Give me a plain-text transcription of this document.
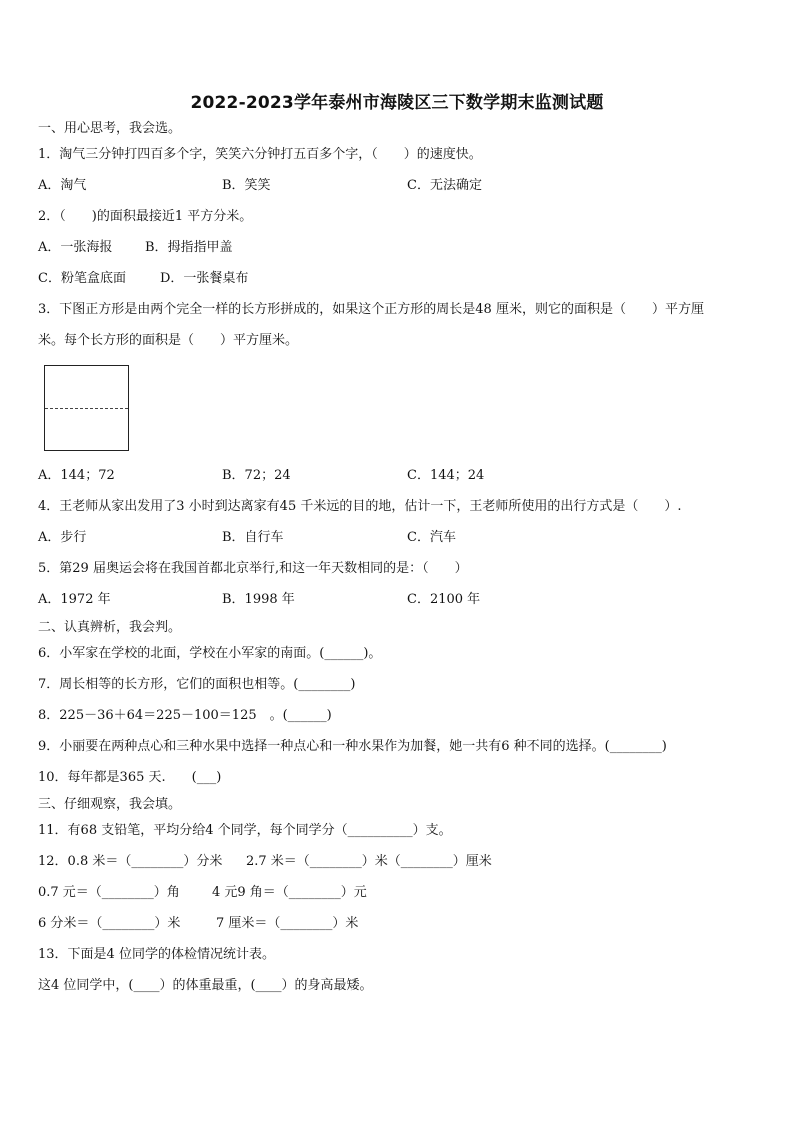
2022-2023学年泰州市海陵区三下数学期末监测试题
一、用心思考，我会选。
1．淘气三分钟打四百多个字，笑笑六分钟打五百多个字，（　　）的速度快。
A．淘气	B．笑笑	C．无法确定
2．（　　)的面积最接近1 平方分米。
A．一张海报	B．拇指指甲盖
C．粉笔盒底面	D．一张餐桌布
3．下图正方形是由两个完全一样的长方形拼成的，如果这个正方形的周长是48 厘米，则它的面积是（　　）平方厘
米。每个长方形的面积是（　　）平方厘米。
A．144；72	B．72；24	C．144；24
4．王老师从家出发用了3 小时到达离家有45 千米远的目的地，估计一下，王老师所使用的出行方式是（　　）.
A．步行	B．自行车	C．汽车
5．第29 届奥运会将在我国首都北京举行,和这一年天数相同的是：（　　）
A．1972 年	B．1998 年	C．2100 年
二、认真辨析，我会判。
6．小军家在学校的北面，学校在小军家的南面。(______)。
7．周长相等的长方形，它们的面积也相等。(________)
8．225－36＋64＝225－100＝125　。(______)
9．小丽要在两种点心和三种水果中选择一种点心和一种水果作为加餐，她一共有6 种不同的选择。(________)
10．每年都是365 天.　　(___)
三、仔细观察，我会填。
11．有68 支铅笔，平均分给4 个同学，每个同学分（__________）支。
12．0.8 米＝（________）分米 2.7 米＝（________）米（________）厘米
0.7 元＝（________）角 4 元9 角＝（________）元
6 分米＝（________）米	7 厘米＝（________）米
13．下面是4 位同学的体检情况统计表。
这4 位同学中，(____）的体重最重，(____）的身高最矮。
